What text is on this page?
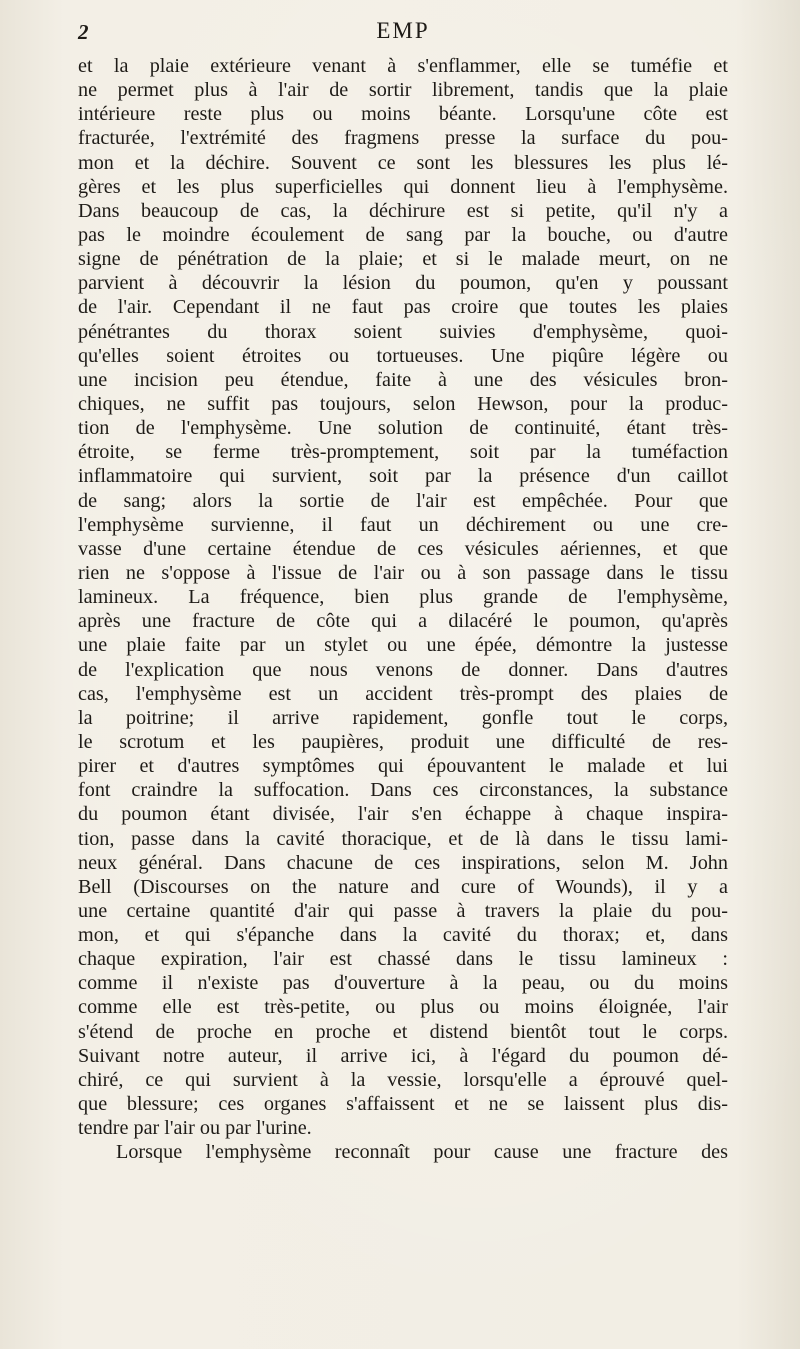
2	EMP
et la plaie extérieure venant à s'enflammer, elle se tuméfie et
ne permet plus à l'air de sortir librement, tandis que la plaie
intérieure reste plus ou moins béante. Lorsqu'une côte est
fracturée, l'extrémité des fragmens presse la surface du pou-
mon et la déchire. Souvent ce sont les blessures les plus lé-
gères et les plus superficielles qui donnent lieu à l'emphysème.
Dans beaucoup de cas, la déchirure est si petite, qu'il n'y a
pas le moindre écoulement de sang par la bouche, ou d'autre
signe de pénétration de la plaie; et si le malade meurt, on ne
parvient à découvrir la lésion du poumon, qu'en y poussant
de l'air. Cependant il ne faut pas croire que toutes les plaies
pénétrantes du thorax soient suivies d'emphysème, quoi-
qu'elles soient étroites ou tortueuses. Une piqûre légère ou
une incision peu étendue, faite à une des vésicules bron-
chiques, ne suffit pas toujours, selon Hewson, pour la produc-
tion de l'emphysème. Une solution de continuité, étant très-
étroite, se ferme très-promptement, soit par la tuméfaction
inflammatoire qui survient, soit par la présence d'un caillot
de sang; alors la sortie de l'air est empêchée. Pour que
l'emphysème survienne, il faut un déchirement ou une cre-
vasse d'une certaine étendue de ces vésicules aériennes, et que
rien ne s'oppose à l'issue de l'air ou à son passage dans le tissu
lamineux. La fréquence, bien plus grande de l'emphysème,
après une fracture de côte qui a dilacéré le poumon, qu'après
une plaie faite par un stylet ou une épée, démontre la justesse
de l'explication que nous venons de donner. Dans d'autres
cas, l'emphysème est un accident très-prompt des plaies de
la poitrine; il arrive rapidement, gonfle tout le corps,
le scrotum et les paupières, produit une difficulté de res-
pirer et d'autres symptômes qui épouvantent le malade et lui
font craindre la suffocation. Dans ces circonstances, la substance
du poumon étant divisée, l'air s'en échappe à chaque inspira-
tion, passe dans la cavité thoracique, et de là dans le tissu lami-
neux général. Dans chacune de ces inspirations, selon M. John
Bell (Discourses on the nature and cure of Wounds), il y a
une certaine quantité d'air qui passe à travers la plaie du pou-
mon, et qui s'épanche dans la cavité du thorax; et, dans
chaque expiration, l'air est chassé dans le tissu lamineux :
comme il n'existe pas d'ouverture à la peau, ou du moins
comme elle est très-petite, ou plus ou moins éloignée, l'air
s'étend de proche en proche et distend bientôt tout le corps.
Suivant notre auteur, il arrive ici, à l'égard du poumon dé-
chiré, ce qui survient à la vessie, lorsqu'elle a éprouvé quel-
que blessure; ces organes s'affaissent et ne se laissent plus dis-
tendre par l'air ou par l'urine.
Lorsque l'emphysème reconnaît pour cause une fracture des
